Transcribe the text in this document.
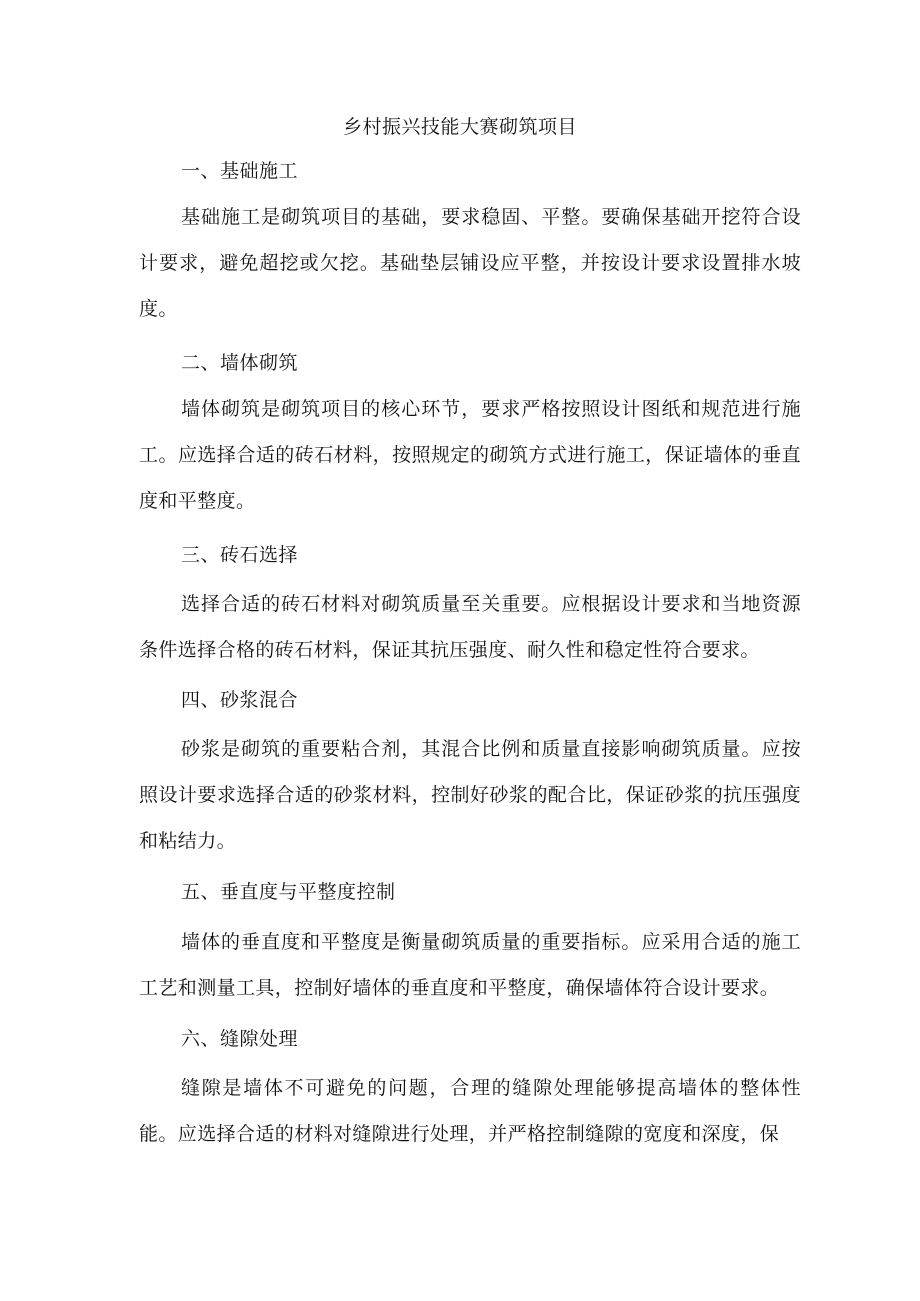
乡村振兴技能大赛砌筑项目
一、基础施工
基础施工是砌筑项目的基础，要求稳固、平整。要确保基础开挖符合设计要求，避免超挖或欠挖。基础垫层铺设应平整，并按设计要求设置排水坡度。
二、墙体砌筑
墙体砌筑是砌筑项目的核心环节，要求严格按照设计图纸和规范进行施工。应选择合适的砖石材料，按照规定的砌筑方式进行施工，保证墙体的垂直度和平整度。
三、砖石选择
选择合适的砖石材料对砌筑质量至关重要。应根据设计要求和当地资源条件选择合格的砖石材料，保证其抗压强度、耐久性和稳定性符合要求。
四、砂浆混合
砂浆是砌筑的重要粘合剂，其混合比例和质量直接影响砌筑质量。应按照设计要求选择合适的砂浆材料，控制好砂浆的配合比，保证砂浆的抗压强度和粘结力。
五、垂直度与平整度控制
墙体的垂直度和平整度是衡量砌筑质量的重要指标。应采用合适的施工工艺和测量工具，控制好墙体的垂直度和平整度，确保墙体符合设计要求。
六、缝隙处理
缝隙是墙体不可避免的问题，合理的缝隙处理能够提高墙体的整体性能。应选择合适的材料对缝隙进行处理，并严格控制缝隙的宽度和深度，保
